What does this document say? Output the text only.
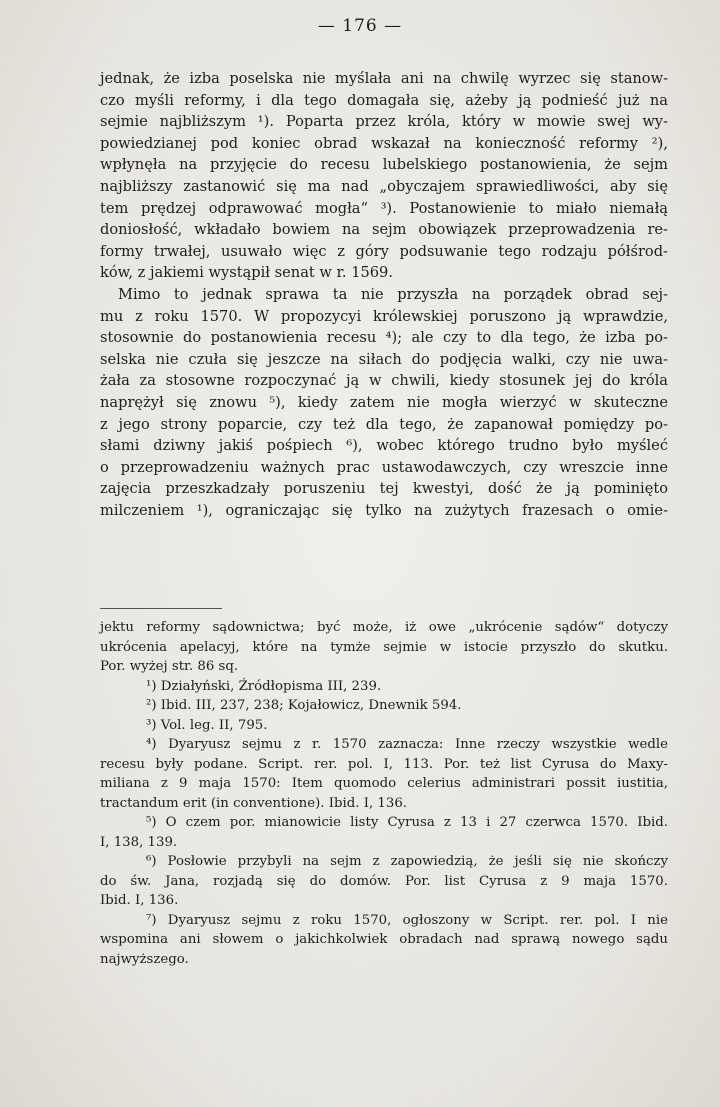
— 176 —
jednak, że izba poselska nie myślała ani na chwilę wyrzec się stanow-
czo myśli reformy, i dla tego domagała się, ażeby ją podnieść już na
sejmie najbliższym ¹). Poparta przez króla, który w mowie swej wy-
powiedzianej pod koniec obrad wskazał na konieczność reformy ²),
wpłynęła na przyjęcie do recesu lubelskiego postanowienia, że sejm
najbliższy zastanowić się ma nad „obyczajem sprawiedliwości, aby się
tem prędzej odprawować mogła“ ³). Postanowienie to miało niemałą
doniosłość, wkładało bowiem na sejm obowiązek przeprowadzenia re-
formy trwałej, usuwało więc z góry podsuwanie tego rodzaju półśrod-
ków, z jakiemi wystąpił senat w r. 1569.
Mimo to jednak sprawa ta nie przyszła na porządek obrad sej-
mu z roku 1570. W propozycyi królewskiej poruszono ją wprawdzie,
stosownie do postanowienia recesu ⁴); ale czy to dla tego, że izba po-
selska nie czuła się jeszcze na siłach do podjęcia walki, czy nie uwa-
żała za stosowne rozpoczynać ją w chwili, kiedy stosunek jej do króla
naprężył się znowu ⁵), kiedy zatem nie mogła wierzyć w skuteczne
z jego strony poparcie, czy też dla tego, że zapanował pomiędzy po-
słami dziwny jakiś pośpiech ⁶), wobec którego trudno było myśleć
o przeprowadzeniu ważnych prac ustawodawczych, czy wreszcie inne
zajęcia przeszkadzały poruszeniu tej kwestyi, dość że ją pominięto
milczeniem ¹), ograniczając się tylko na zużytych frazesach o omie-
jektu reformy sądownictwa; być może, iż owe „ukrócenie sądów“ dotyczy
ukrócenia apelacyj, które na tymże sejmie w istocie przyszło do skutku.
Por. wyżej str. 86 sq.
¹) Działyński, Źródłopisma III, 239.
²) Ibid. III, 237, 238; Kojałowicz, Dnewnik 594.
³) Vol. leg. II, 795.
⁴) Dyaryusz sejmu z r. 1570 zaznacza: Inne rzeczy wszystkie wedle
recesu były podane. Script. rer. pol. I, 113. Por. też list Cyrusa do Maxy-
miliana z 9 maja 1570: Item quomodo celerius administrari possit iustitia,
tractandum erit (in conventione). Ibid. I, 136.
⁵) O czem por. mianowicie listy Cyrusa z 13 i 27 czerwca 1570. Ibid.
I, 138, 139.
⁶) Posłowie przybyli na sejm z zapowiedzią, że jeśli się nie skończy
do św. Jana, rozjadą się do domów. Por. list Cyrusa z 9 maja 1570.
Ibid. I, 136.
⁷) Dyaryusz sejmu z roku 1570, ogłoszony w Script. rer. pol. I nie
wspomina ani słowem o jakichkolwiek obradach nad sprawą nowego sądu
najwyższego.
